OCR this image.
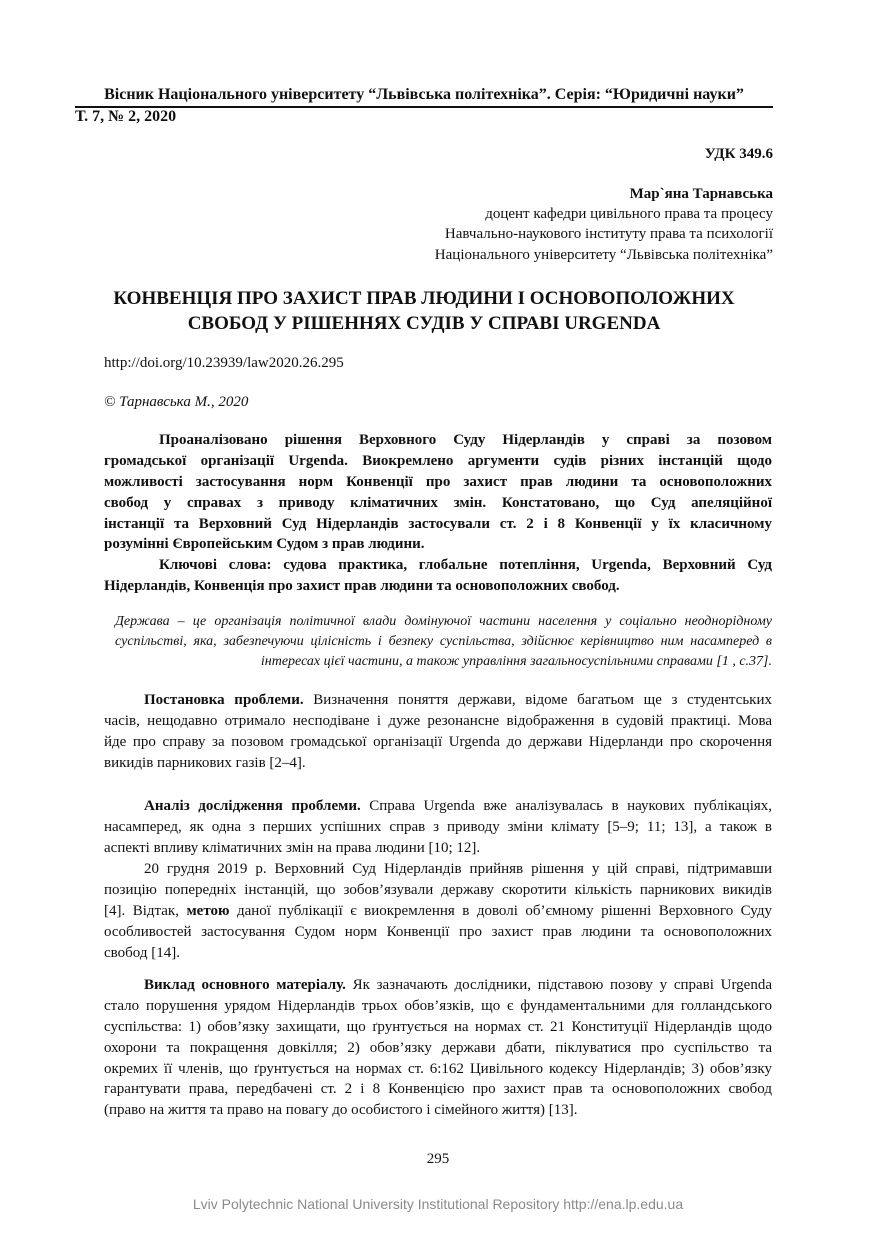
Вісник Національного університету “Львівська політехніка”. Серія: “Юридичні науки”
Т. 7, № 2, 2020
УДК 349.6
Мар`яна Тарнавська
доцент кафедри цивільного права та процесу
Навчально-наукового інституту права та психології
Національного університету “Львівська політехніка”
КОНВЕНЦІЯ ПРО ЗАХИСТ ПРАВ ЛЮДИНИ І ОСНОВОПОЛОЖНИХ
СВОБОД У РІШЕННЯХ СУДІВ У СПРАВІ URGENDA
http://doi.org/10.23939/law2020.26.295
© Тарнавська М., 2020
Проаналізовано рішення Верховного Суду Нідерландів у справі за позовом
громадської організації Urgenda. Виокремлено аргументи судів різних інстанцій щодо
можливості застосування норм Конвенції про захист прав людини та основоположних
свобод у справах з приводу кліматичних змін. Констатовано, що Суд апеляційної
інстанції та Верховний Суд Нідерландів застосували ст. 2 і 8 Конвенції у їх класичному
розумінні Європейським Судом з прав людини.
Ключові слова: судова практика, глобальне потепління, Urgenda, Верховний Суд
Нідерландів, Конвенція про захист прав людини та основоположних свобод.
Держава – це організація політичної влади домінуючої частини населення у соціально неоднорідному
суспільстві, яка, забезпечуючи цілісність і безпеку суспільства, здійснює керівництво ним насамперед в
інтересах цієї частини, а також управління загальносуспільними справами [1 , с.37].
Постановка проблеми. Визначення поняття держави, відоме багатьом ще з студентських
часів, нещодавно отримало несподіване і дуже резонансне відображення в судовій практиці. Мова
йде про справу за позовом громадської організації Urgenda до держави Нідерланди про скорочення
викидів парникових газів [2–4].
Аналіз дослідження проблеми. Справа Urgenda вже аналізувалась в наукових публікаціях,
насамперед, як одна з перших успішних справ з приводу зміни клімату [5–9; 11; 13], а також в
аспекті впливу кліматичних змін на права людини [10; 12].
20 грудня 2019 р. Верховний Суд Нідерландів прийняв рішення у цій справі, підтримавши
позицію попередніх інстанцій, що зобов’язували державу скоротити кількість парникових викидів
[4]. Відтак, метою даної публікації є виокремлення в доволі об’ємному рішенні Верховного Суду
особливостей застосування Судом норм Конвенції про захист прав людини та основоположних
свобод [14].
Виклад основного матеріалу. Як зазначають дослідники, підставою позову у справі Urgenda
стало порушення урядом Нідерландів трьох обов’язків, що є фундаментальними для голландського
суспільства: 1) обов’язку захищати, що ґрунтується на нормах ст. 21 Конституції Нідерландів щодо
охорони та покращення довкілля; 2) обов’язку держави дбати, піклуватися про суспільство та
окремих її членів, що ґрунтується на нормах ст. 6:162 Цивільного кодексу Нідерландів; 3) обов’язку
гарантувати права, передбачені ст. 2 і 8 Конвенцією про захист прав та основоположних свобод
(право на життя та право на повагу до особистого і сімейного життя) [13].
295
Lviv Polytechnic National University Institutional Repository http://ena.lp.edu.ua
